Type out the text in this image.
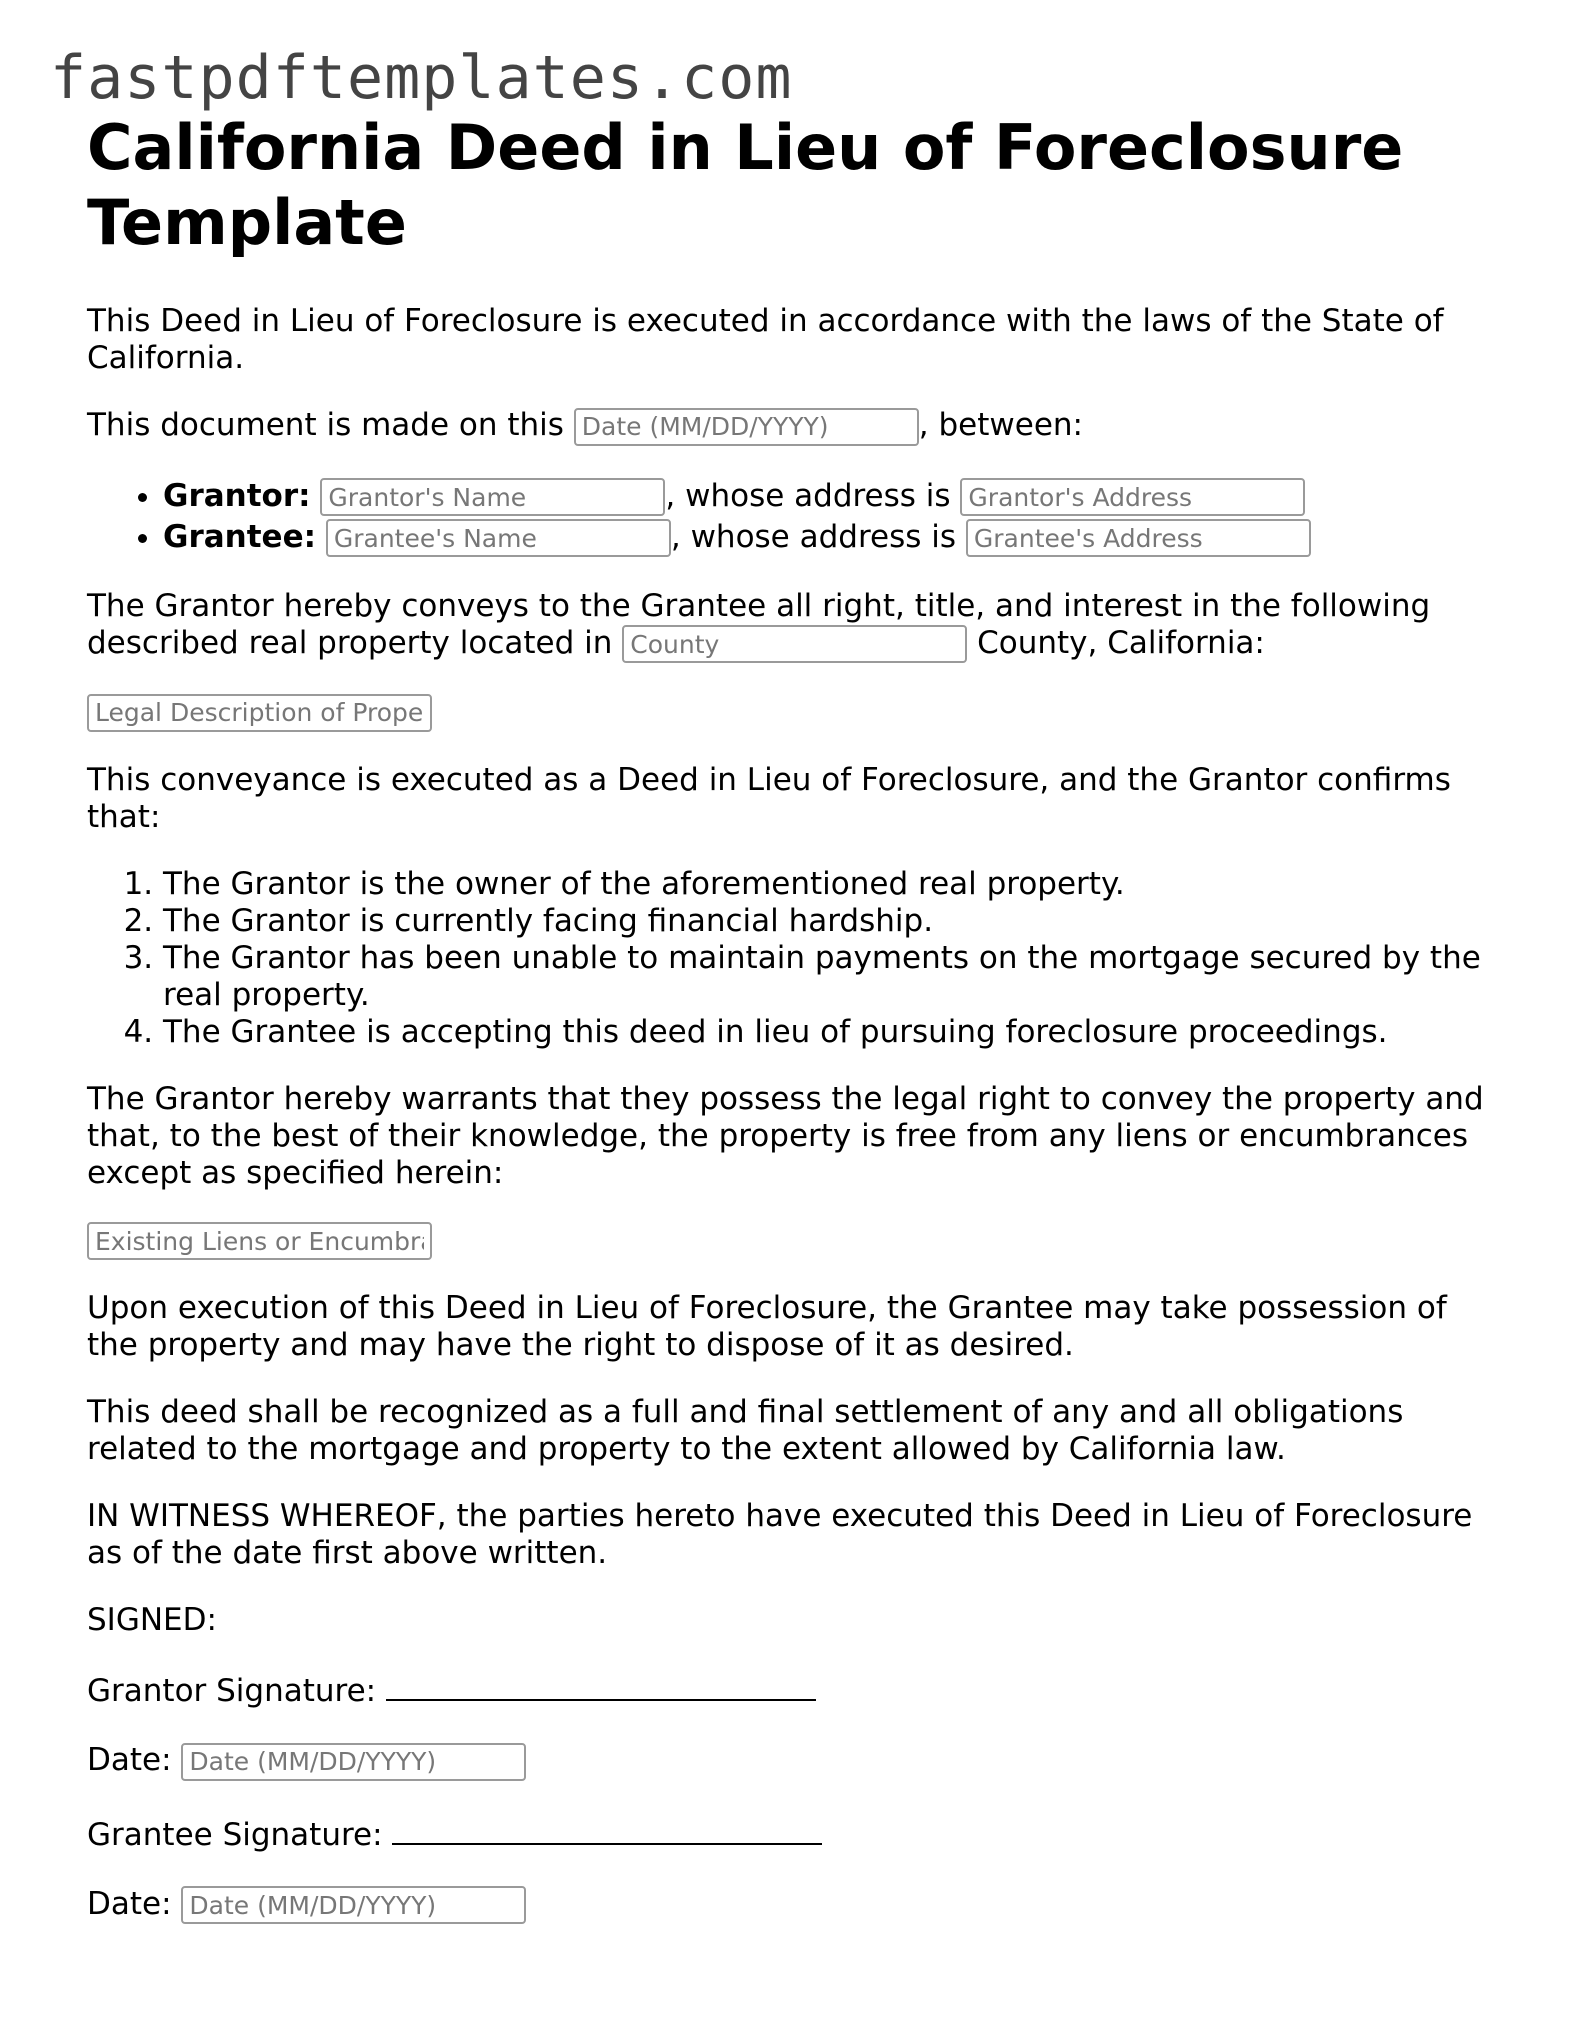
fastpdftemplates.com
California Deed in Lieu of Foreclosure Template

This Deed in Lieu of Foreclosure is executed in accordance with the laws of the State of California.

This document is made on this Date (MM/DD/YYYY)	, between:

• Grantor: Grantor's Name	, whose address is Grantor's Address
• Grantee: Grantee's Name	, whose address is Grantee's Address

The Grantor hereby conveys to the Grantee all right, title, and interest in the following described real property located in County	County, California:

Legal Description of Property

This conveyance is executed as a Deed in Lieu of Foreclosure, and the Grantor confirms that:

1. The Grantor is the owner of the aforementioned real property.
2. The Grantor is currently facing financial hardship.
3. The Grantor has been unable to maintain payments on the mortgage secured by the real property.
4. The Grantee is accepting this deed in lieu of pursuing foreclosure proceedings.

The Grantor hereby warrants that they possess the legal right to convey the property and that, to the best of their knowledge, the property is free from any liens or encumbrances except as specified herein:

Existing Liens or Encumbrances

Upon execution of this Deed in Lieu of Foreclosure, the Grantee may take possession of the property and may have the right to dispose of it as desired.

This deed shall be recognized as a full and final settlement of any and all obligations related to the mortgage and property to the extent allowed by California law.

IN WITNESS WHEREOF, the parties hereto have executed this Deed in Lieu of Foreclosure as of the date first above written.

SIGNED:

Grantor Signature:
Date: Date (MM/DD/YYYY)
Grantee Signature:
Date: Date (MM/DD/YYYY)
